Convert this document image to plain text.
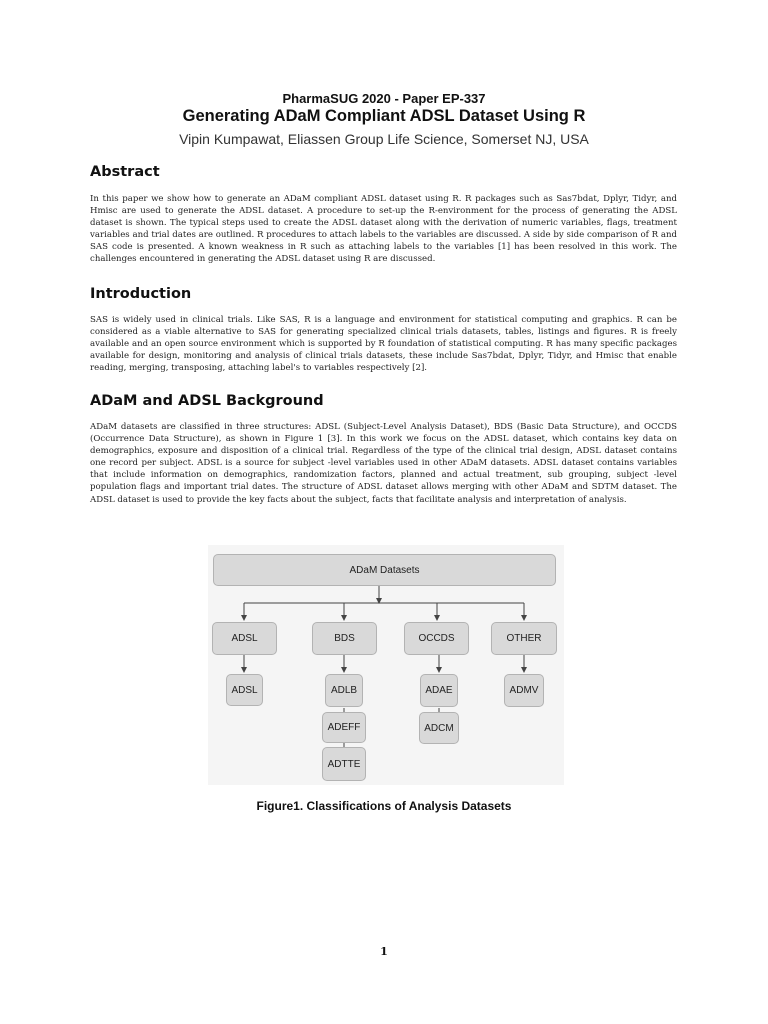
PharmaSUG 2020 - Paper EP-337
Generating ADaM Compliant ADSL Dataset Using R
Vipin Kumpawat, Eliassen Group Life Science, Somerset NJ, USA
Abstract

In this paper we show how to generate an ADaM compliant ADSL dataset using R. R packages such as Sas7bdat, Dplyr, Tidyr, and Hmisc are used to generate the ADSL dataset. A procedure to set-up the R-environment for the process of generating the ADSL dataset is shown. The typical steps used to create the ADSL dataset along with the derivation of numeric variables, flags, treatment variables and trial dates are outlined. R procedures to attach labels to the variables are discussed. A side by side comparison of R and SAS code is presented. A known weakness in R such as attaching labels to the variables [1] has been resolved in this work. The challenges encountered in generating the ADSL dataset using R are discussed.

Introduction

SAS is widely used in clinical trials. Like SAS, R is a language and environment for statistical computing and graphics. R can be considered as a viable alternative to SAS for generating specialized clinical trials datasets, tables, listings and figures. R is freely available and an open source environment which is supported by R foundation of statistical computing. R has many specific packages available for design, monitoring and analysis of clinical trials datasets, these include Sas7bdat, Dplyr, Tidyr, and Hmisc that enable reading, merging, transposing, attaching label's to variables respectively [2].

ADaM and ADSL Background

ADaM datasets are classified in three structures: ADSL (Subject-Level Analysis Dataset), BDS (Basic Data Structure), and OCCDS (Occurrence Data Structure), as shown in Figure 1 [3]. In this work we focus on the ADSL dataset, which contains key data on demographics, exposure and disposition of a clinical trial. Regardless of the type of the clinical trial design, ADSL dataset contains one record per subject. ADSL is a source for subject -level variables used in other ADaM datasets. ADSL dataset contains variables that include information on demographics, randomization factors, planned and actual treatment, sub grouping, subject -level population flags and important trial dates. The structure of ADSL dataset allows merging with other ADaM and SDTM dataset. The ADSL dataset is used to provide the key facts about the subject, facts that facilitate analysis and interpretation of analysis.

ADaM Datasets
ADSL	BDS	OCCDS	OTHER
ADSL	ADLB
ADEFF
ADTTE
ADAE
ADCM
ADMV
Figure1. Classifications of Analysis Datasets
1
